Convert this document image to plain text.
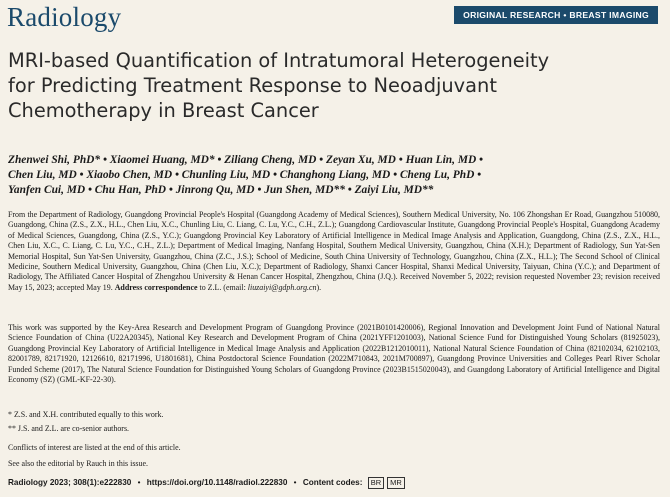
Radiology	ORIGINAL RESEARCH • BREAST IMAGING
MRI-based Quantification of Intratumoral Heterogeneity
for Predicting Treatment Response to Neoadjuvant
Chemotherapy in Breast Cancer
Zhenwei Shi, PhD* • Xiaomei Huang, MD* • Ziliang Cheng, MD • Zeyan Xu, MD • Huan Lin, MD •
Chen Liu, MD • Xiaobo Chen, MD • Chunling Liu, MD • Changhong Liang, MD • Cheng Lu, PhD •
Yanfen Cui, MD • Chu Han, PhD • Jinrong Qu, MD • Jun Shen, MD** • Zaiyi Liu, MD**
From the Department of Radiology, Guangdong Provincial People's Hospital (Guangdong Academy of Medical Sciences), Southern Medical University, No. 106 Zhongshan Er Road, Guangzhou 510080, Guangdong, China (Z.S., Z.X., H.L., Chen Liu, X.C., Chunling Liu, C. Liang, C. Lu, Y.C., C.H., Z.L.); Guangdong Cardiovascular Institute, Guangdong Provincial People's Hospital, Guangdong Academy of Medical Sciences, Guangdong, China (Z.S., Y.C.); Guangdong Provincial Key Laboratory of Artificial Intelligence in Medical Image Analysis and Application, Guangdong, China (Z.S., Z.X., H.L., Chen Liu, X.C., C. Liang, C. Lu, Y.C., C.H., Z.L.); Department of Medical Imaging, Nanfang Hospital, Southern Medical University, Guangzhou, China (X.H.); Department of Radiology, Sun Yat-Sen Memorial Hospital, Sun Yat-Sen University, Guangzhou, China (Z.C., J.S.); School of Medicine, South China University of Technology, Guangzhou, China (Z.X., H.L.); The Second School of Clinical Medicine, Southern Medical University, Guangzhou, China (Chen Liu, X.C.); Department of Radiology, Shanxi Cancer Hospital, Shanxi Medical University, Taiyuan, China (Y.C.); and Department of Radiology, The Affiliated Cancer Hospital of Zhengzhou University & Henan Cancer Hospital, Zhengzhou, China (J.Q.). Received November 5, 2022; revision requested November 23; revision received May 15, 2023; accepted May 19. Address correspondence to Z.L. (email: liuzaiyi@gdph.org.cn).
This work was supported by the Key-Area Research and Development Program of Guangdong Province (2021B0101420006), Regional Innovation and Development Joint Fund of National Natural Science Foundation of China (U22A20345), National Key Research and Development Program of China (2021YFF1201003), National Science Fund for Distinguished Young Scholars (81925023), Guangdong Provincial Key Laboratory of Artificial Intelligence in Medical Image Analysis and Application (2022B1212010011), National Natural Science Foundation of China (82102034, 62102103, 82001789, 82171920, 12126610, 82171996, U1801681), China Postdoctoral Science Foundation (2022M710843, 2021M700897), Guangdong Province Universities and Colleges Pearl River Scholar Funded Scheme (2017), The Natural Science Foundation for Distinguished Young Scholars of Guangdong Province (2023B1515020043), and Guangdong Laboratory of Artificial Intelligence and Digital Economy (SZ) (GML-KF-22-30).
* Z.S. and X.H. contributed equally to this work.
** J.S. and Z.L. are co-senior authors.
Conflicts of interest are listed at the end of this article.
See also the editorial by Rauch in this issue.
Radiology 2023; 308(1):e222830 • https://doi.org/10.1148/radiol.222830 • Content codes: BR MR
